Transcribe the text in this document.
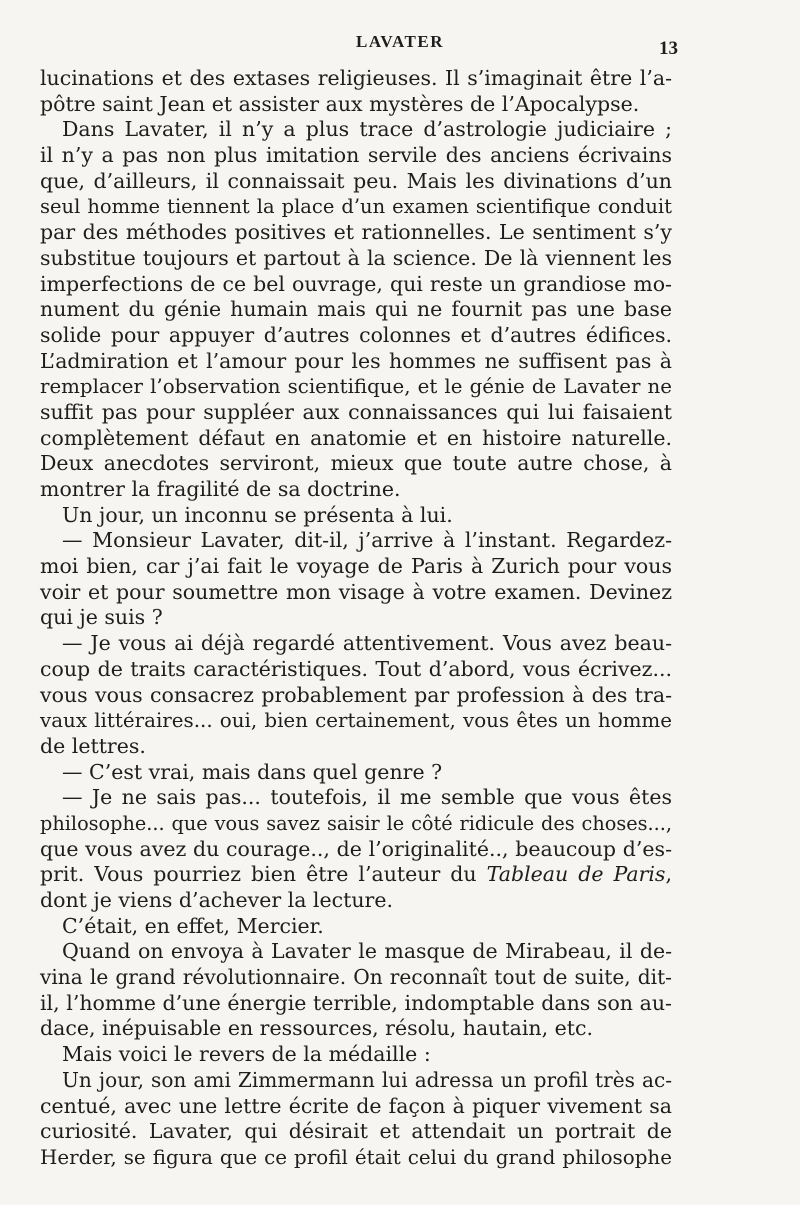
LAVATER	13
lucinations et des extases religieuses. Il s’imaginait être l’a-
pôtre saint Jean et assister aux mystères de l’Apocalypse.
Dans Lavater, il n’y a plus trace d’astrologie judiciaire ;
il n’y a pas non plus imitation servile des anciens écrivains
que, d’ailleurs, il connaissait peu. Mais les divinations d’un
seul homme tiennent la place d’un examen scientifique conduit
par des méthodes positives et rationnelles. Le sentiment s’y
substitue toujours et partout à la science. De là viennent les
imperfections de ce bel ouvrage, qui reste un grandiose mo-
nument du génie humain mais qui ne fournit pas une base
solide pour appuyer d’autres colonnes et d’autres édifices.
L’admiration et l’amour pour les hommes ne suffisent pas à
remplacer l’observation scientifique, et le génie de Lavater ne
suffit pas pour suppléer aux connaissances qui lui faisaient
complètement défaut en anatomie et en histoire naturelle.
Deux anecdotes serviront, mieux que toute autre chose, à
montrer la fragilité de sa doctrine.
Un jour, un inconnu se présenta à lui.
— Monsieur Lavater, dit-il, j’arrive à l’instant. Regardez-
moi bien, car j’ai fait le voyage de Paris à Zurich pour vous
voir et pour soumettre mon visage à votre examen. Devinez
qui je suis ?
— Je vous ai déjà regardé attentivement. Vous avez beau-
coup de traits caractéristiques. Tout d’abord, vous écrivez...
vous vous consacrez probablement par profession à des tra-
vaux littéraires... oui, bien certainement, vous êtes un homme
de lettres.
— C’est vrai, mais dans quel genre ?
— Je ne sais pas... toutefois, il me semble que vous êtes
philosophe... que vous savez saisir le côté ridicule des choses...,
que vous avez du courage.., de l’originalité.., beaucoup d’es-
prit. Vous pourriez bien être l’auteur du Tableau de Paris,
dont je viens d’achever la lecture.
C’était, en effet, Mercier.
Quand on envoya à Lavater le masque de Mirabeau, il de-
vina le grand révolutionnaire. On reconnaît tout de suite, dit-
il, l’homme d’une énergie terrible, indomptable dans son au-
dace, inépuisable en ressources, résolu, hautain, etc.
Mais voici le revers de la médaille :
Un jour, son ami Zimmermann lui adressa un profil très ac-
centué, avec une lettre écrite de façon à piquer vivement sa
curiosité. Lavater, qui désirait et attendait un portrait de
Herder, se figura que ce profil était celui du grand philosophe
